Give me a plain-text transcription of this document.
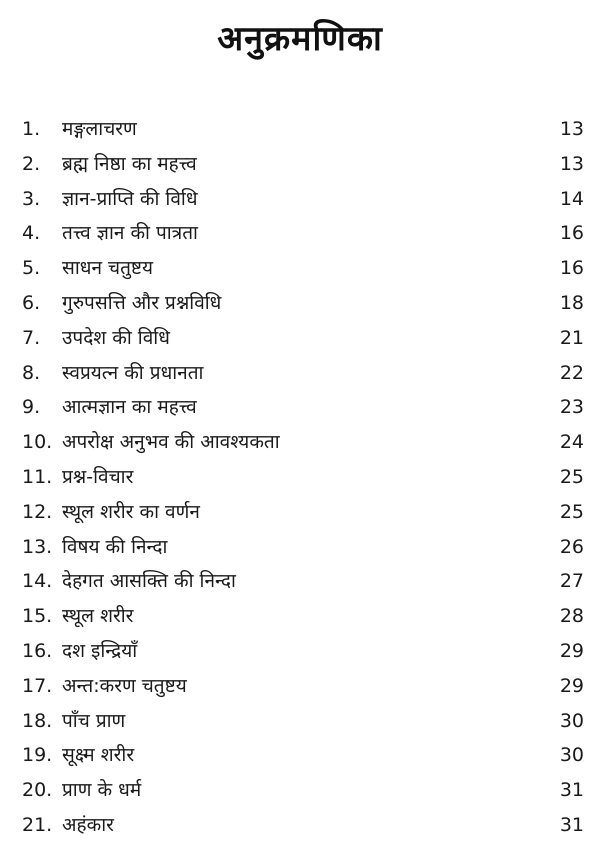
अनुक्रमणिका
1.	मङ्गलाचरण	13
2.	ब्रह्म निष्ठा का महत्त्व	13
3.	ज्ञान-प्राप्ति की विधि	14
4.	तत्त्व ज्ञान की पात्रता	16
5.	साधन चतुष्टय	16
6.	गुरुपसत्ति और प्रश्नविधि	18
7.	उपदेश की विधि	21
8.	स्वप्रयत्न की प्रधानता	22
9.	आत्मज्ञान का महत्त्व	23
10. अपरोक्ष अनुभव की आवश्यकता	24
11. प्रश्न-विचार	25
12. स्थूल शरीर का वर्णन	25
13. विषय की निन्दा	26
14. देहगत आसक्ति की निन्दा	27
15. स्थूल शरीर	28
16. दश इन्द्रियाँ	29
17. अन्त:करण चतुष्टय	29
18. पाँच प्राण	30
19. सूक्ष्म शरीर	30
20. प्राण के धर्म	31
21. अहंकार	31
